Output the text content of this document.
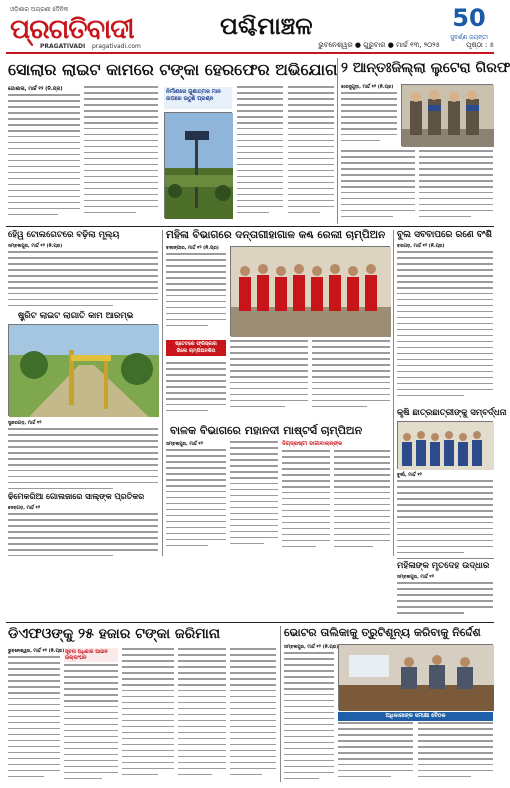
ଓଡ଼ିଶାର ଅଗ୍ରଣୀ ଦୈନିକ
ପ୍ରଗତିବାଦୀ
PRAGATIVADI pragativadi.com
ପଶ୍ଚିମାଞ୍ଚଳ	50
ସୁବର୍ଣ୍ଣ ଜୟନ୍ତୀ
ଭୁବନେଶ୍ୱର ● ଗୁରୁବାର ● ମାର୍ଚ୍ଚ ୧୩, ୨୦୨୫	ପୃଷ୍ଠା : ୫
ସୋଲାର ଲାଇଟ କାମରେ ଟଙ୍କା ହେରଫେର ଅଭିଯୋଗ
ଗୋଶାଳା, ମାର୍ଚ୍ଚ ୧୨ (ନି.ପ୍ର)	ନିର୍ମାଣରେ ଗୁଣାତ୍ମକ ମାନ ଉପରେ ଉଠୁଛି ପ୍ରଶ୍ନ
୨ ଆନ୍ତଃଜିଲ୍ଲା ଲୁଟେରା ଗିରଫ
ଝାରସୁଗୁଡ଼ା, ମାର୍ଚ୍ଚ ୧୨ (ନି.ପ୍ର)
ହେିୱ ଟୋଲଗେଟରେ ବଢ଼ିଲା ମୂଲ୍ୟ
ସମ୍ବଲପୁର, ମାର୍ଚ୍ଚ ୧୨ (ନି.ପ୍ର)
ଷ୍ଟ୍ରିଟ ଲାଇଟ ଲାଗାତି କାମ ଆରମ୍ଭ
ସୁନ୍ଦରଗଡ଼, ମାର୍ଚ୍ଚ ୧୨
ଢିମେକରିଆ ଗୋଲଜାରେ ସାଲ୍ଙ୍କ ପ୍ରତିକର
ଦେବଗଡ଼, ମାର୍ଚ୍ଚ ୧୨
ମହିଳା ବିଭାଗରେ ଦନ୍ତାଗୀହାଗାଳ କଣ୍ଢ ରେଲୀ ଚାମ୍ପିଅନ
ବଲାଙ୍ଗୀର, ମାର୍ଚ୍ଚ ୧୨ (ନି.ପ୍ର)
ଷ୍ଟେଟରେ ଫ୍ରିସ୍କାର ରିଲେ ଚାମ୍ପିଅନଶିପ
ବାଳକ ବିଭାଗରେ ମହାନଦୀ ମାଷ୍ଟର୍ସ ଚାମ୍ପିଅନ
ସମ୍ବଲପୁର, ମାର୍ଚ୍ଚ ୧୨	ଦିଗ୍‌ଦ୍ରଷ୍ଟା ଡାଗାବାଲାନ୍ଙ୍କ
ବୁଲ ସବବାପରେ ରଣେ ବଂଶି
ବରଗଡ଼, ମାର୍ଚ୍ଚ ୧୨ (ନି.ପ୍ର)
କୃଷି ଛାତ୍ରଛାତ୍ରୀଙ୍କୁ ସମ୍ବର୍ଦ୍ଧନା
ବୁର୍ଲା, ମାର୍ଚ୍ଚ ୧୨
ମହିଳାଙ୍କ ମୃତଦେହ ଉଦ୍ଧାର
ସମ୍ବଲପୁର, ମାର୍ଚ୍ଚ ୧୨
ଡିଏଫଓଙ୍କୁ ୨୫ ହଜାର ଟଙ୍କା ଜରିମାନା
ଭୁବନେଶ୍ୱର, ମାର୍ଚ୍ଚ ୧୨ (ନି.ପ୍ର) ସୂଚନା ଅଧିକାର ଆଇନ ଉଲ୍ଲଂଘନ
ଭୋଟର ତାଲିକାକୁ ତ୍ରୁଟିଶୂନ୍ୟ କରିବାକୁ ନିର୍ଦ୍ଦେଶ
ସମ୍ବଲପୁର, ମାର୍ଚ୍ଚ ୧୨ (ନି.ପ୍ର)
ଅଧିକାରୀଙ୍କ ସମୀକ୍ଷା ବୈଠକ
